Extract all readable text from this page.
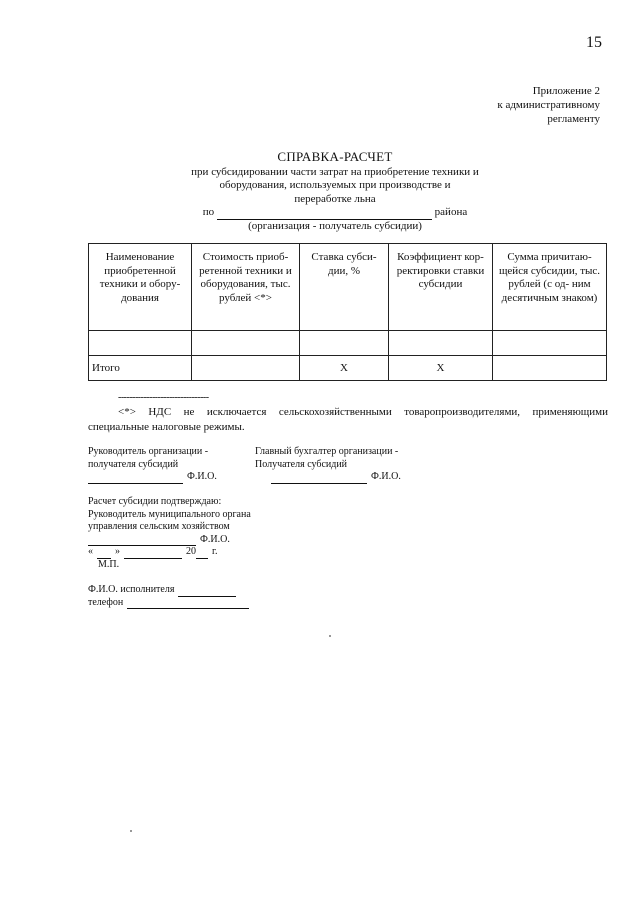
15
Приложение 2
к административному
регламенту
СПРАВКА-РАСЧЕТ
при субсидировании части затрат на приобретение техники и
оборудования, используемых при производстве и
переработке льна
по	района
(организация - получатель субсидии)
Наименование приобретенной техники и обору- дования	Стоимость приоб- ретенной техники и оборудования, тыс. рублей <*>	Ставка субси- дии, %	Коэффициент кор- ректировки ставки субсидии	Сумма причитаю- щейся субсидии, тыс. рублей (с од- ним десятичным знаком)

Итого		X	X	
--------------------------------
<*> НДС не исключается сельскохозяйственными товаропроизводителями, применяющими специальные налоговые режимы.
Руководитель организации -
получателя субсидий
Ф.И.О.
Главный бухгалтер организации -
Получателя субсидий
Ф.И.О.
Расчет субсидии подтверждаю:
Руководитель муниципального органа
управления сельским хозяйством
Ф.И.О.
« »	20 г.
М.П.
Ф.И.О. исполнителя
телефон
